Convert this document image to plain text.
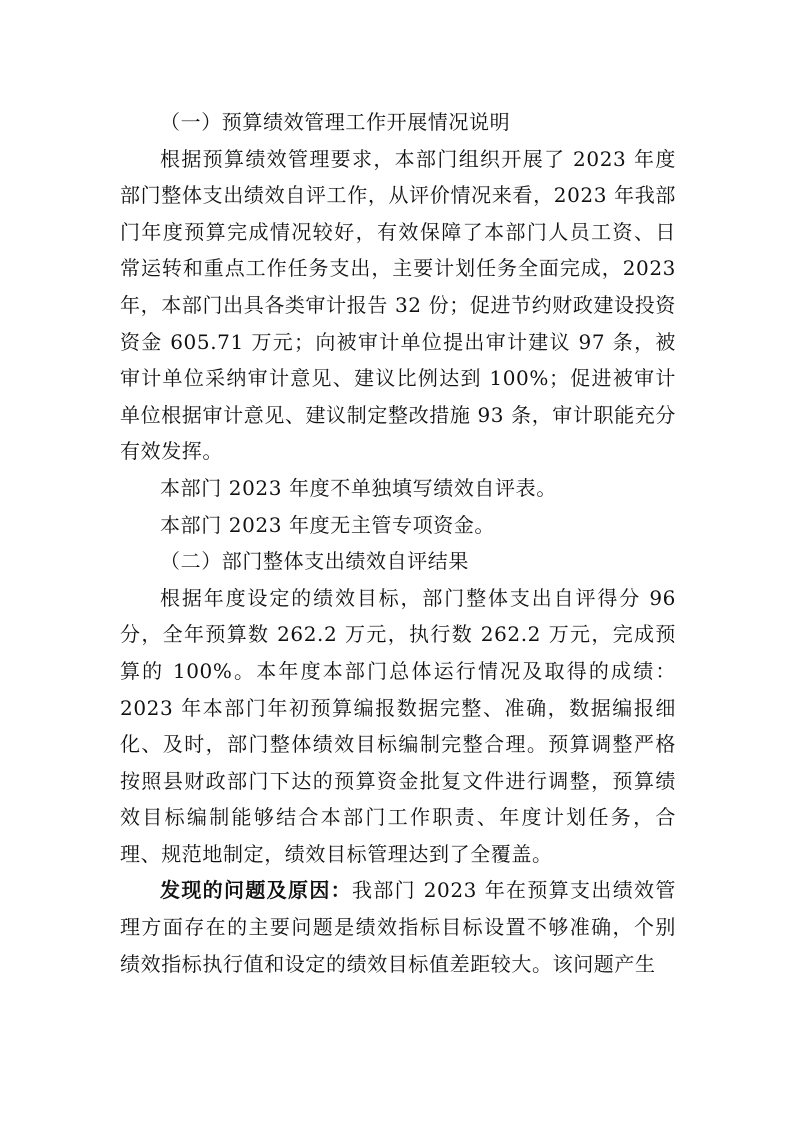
（一）预算绩效管理工作开展情况说明

根据预算绩效管理要求，本部门组织开展了 2023 年度部门整体支出绩效自评工作，从评价情况来看，2023 年我部门年度预算完成情况较好，有效保障了本部门人员工资、日常运转和重点工作任务支出，主要计划任务全面完成，2023 年，本部门出具各类审计报告 32 份；促进节约财政建设投资资金 605.71 万元；向被审计单位提出审计建议 97 条，被审计单位采纳审计意见、建议比例达到 100%；促进被审计单位根据审计意见、建议制定整改措施 93 条，审计职能充分有效发挥。

本部门 2023 年度不单独填写绩效自评表。

本部门 2023 年度无主管专项资金。

（二）部门整体支出绩效自评结果

根据年度设定的绩效目标，部门整体支出自评得分 96 分，全年预算数 262.2 万元，执行数 262.2 万元，完成预算的 100%。本年度本部门总体运行情况及取得的成绩：2023 年本部门年初预算编报数据完整、准确，数据编报细化、及时，部门整体绩效目标编制完整合理。预算调整严格按照县财政部门下达的预算资金批复文件进行调整，预算绩效目标编制能够结合本部门工作职责、年度计划任务，合理、规范地制定，绩效目标管理达到了全覆盖。

发现的问题及原因：我部门 2023 年在预算支出绩效管理方面存在的主要问题是绩效指标目标设置不够准确，个别绩效指标执行值和设定的绩效目标值差距较大。该问题产生
